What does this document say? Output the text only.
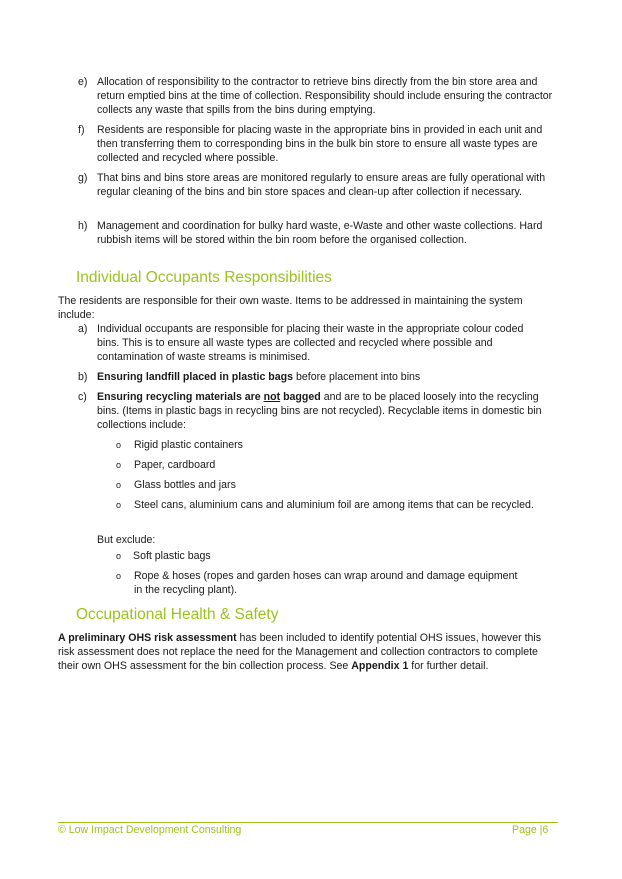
e) Allocation of responsibility to the contractor to retrieve bins directly from the bin store area and return emptied bins at the time of collection. Responsibility should include ensuring the contractor collects any waste that spills from the bins during emptying.
f) Residents are responsible for placing waste in the appropriate bins in provided in each unit and then transferring them to corresponding bins in the bulk bin store to ensure all waste types are collected and recycled where possible.
g) That bins and bins store areas are monitored regularly to ensure areas are fully operational with regular cleaning of the bins and bin store spaces and clean-up after collection if necessary.
h) Management and coordination for bulky hard waste, e-Waste and other waste collections. Hard rubbish items will be stored within the bin room before the organised collection.
Individual Occupants Responsibilities
The residents are responsible for their own waste. Items to be addressed in maintaining the system include:
a) Individual occupants are responsible for placing their waste in the appropriate colour coded bins. This is to ensure all waste types are collected and recycled where possible and contamination of waste streams is minimised.
b) Ensuring landfill placed in plastic bags before placement into bins
c) Ensuring recycling materials are not bagged and are to be placed loosely into the recycling bins. (Items in plastic bags in recycling bins are not recycled). Recyclable items in domestic bin collections include:
o Rigid plastic containers
o Paper, cardboard
o Glass bottles and jars
o Steel cans, aluminium cans and aluminium foil are among items that can be recycled.
But exclude:
o Soft plastic bags
o Rope & hoses (ropes and garden hoses can wrap around and damage equipment in the recycling plant).
Occupational Health & Safety
A preliminary OHS risk assessment has been included to identify potential OHS issues, however this risk assessment does not replace the need for the Management and collection contractors to complete their own OHS assessment for the bin collection process. See Appendix 1 for further detail.
© Low Impact Development Consulting	Page |6
